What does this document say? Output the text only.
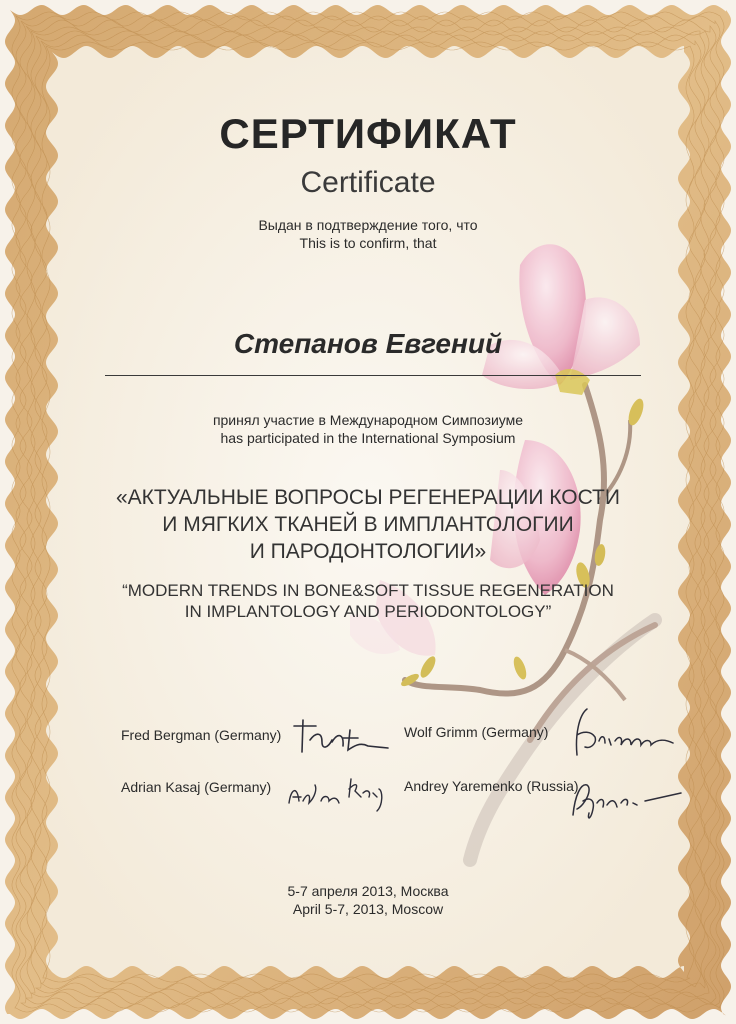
СЕРТИФИКАТ
Certificate
Выдан в подтверждение того, что
This is to confirm, that
Степанов Евгений
принял участие в Международном Симпозиуме
has participated in the International Symposium
«АКТУАЛЬНЫЕ ВОПРОСЫ РЕГЕНЕРАЦИИ КОСТИ
И МЯГКИХ ТКАНЕЙ В ИМПЛАНТОЛОГИИ
И ПАРОДОНТОЛОГИИ»
“MODERN TRENDS IN BONE&SOFT TISSUE REGENERATION
IN IMPLANTOLOGY AND PERIODONTOLOGY”
Fred Bergman (Germany)
Adrian Kasaj (Germany)
Wolf Grimm (Germany)
Andrey Yaremenko (Russia)
5-7 апреля 2013, Москва
April 5-7, 2013, Moscow
